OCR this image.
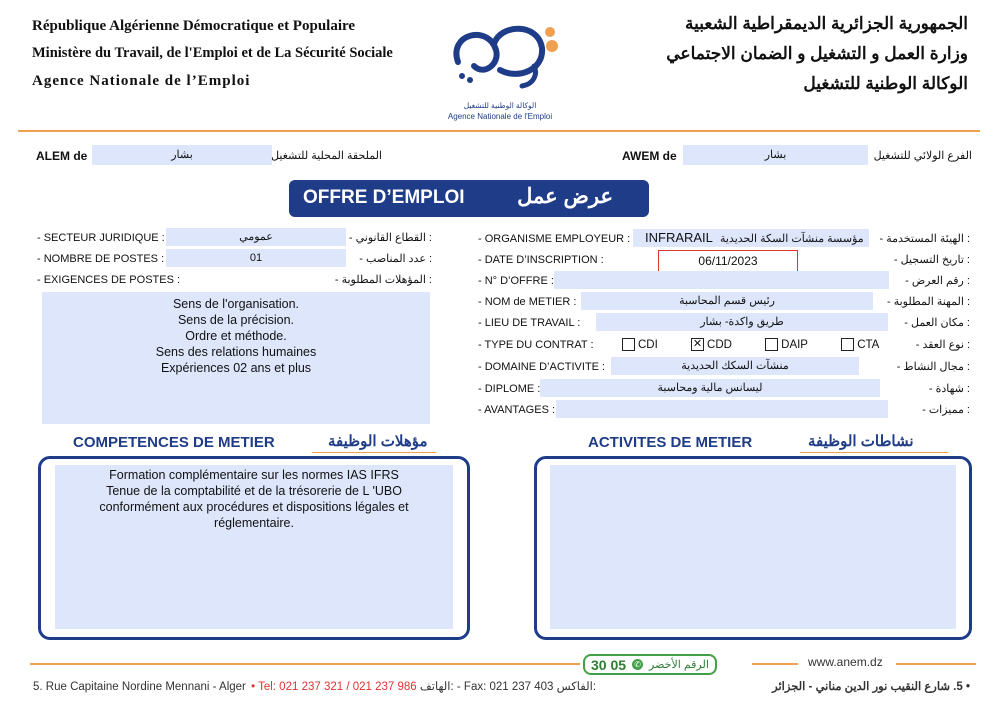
République Algérienne Démocratique et Populaire
Ministère du Travail, de l'Emploi et de La Sécurité Sociale
Agence Nationale de l’Emploi
الوكالة الوطنية للتشغيل
Agence Nationale de l'Emploi
الجمهورية الجزائرية الديمقراطية الشعبية
وزارة العمل و التشغيل و الضمان الاجتماعي
الوكالة الوطنية للتشغيل
ALEM de	بشار	الملحقة المحلية للتشغيل	AWEM de	بشار	الفرع الولائي للتشغيل
OFFRE D’EMPLOI	عرض عمل
- SECTEUR JURIDIQUE :	عمومي	: القطاع القانوني -
- NOMBRE DE POSTES :	01	: عدد المناصب -
- EXIGENCES DE POSTES :	: المؤهلات المطلوبة -
Sens de l'organisation.
Sens de la précision.
Ordre et méthode.
Sens des relations humaines
Expériences 02 ans et plus
- ORGANISME EMPLOYEUR :	INFRARAIL مؤسسة منشآت السكة الحديدية	: الهيئة المستخدمة -
- DATE D’INSCRIPTION :	06/11/2023	: تاريخ التسجيل -
- N° D’OFFRE :	: رقم العرض -
- NOM de METIER :	رئيس قسم المحاسبة	: المهنة المطلوبة -
- LIEU DE TRAVAIL :	طريق واكدة- بشار	: مكان العمل -
- TYPE DU CONTRAT :	CDI	✕ CDD	DAIP	CTA	: نوع العقد -
- DOMAINE D’ACTIVITE :	منشآت السكك الحديدية	: مجال النشاط -
- DIPLOME :	ليسانس مالية ومحاسبة	: شهادة -
- AVANTAGES :	: مميزات -
COMPETENCES DE METIER	مؤهلات الوظيفة	ACTIVITES DE METIER	نشاطات الوظيفة
Formation complémentaire sur les normes IAS IFRS
Tenue de la comptabilité et de la trésorerie de L 'UBO
conformément aux procédures et dispositions légales et
réglementaire.
30 05 ✆ الرقم الأخضر	www.anem.dz
5. Rue Capitaine Nordine Mennani - Alger • Tel: 021 237 321 / 021 237 986 الهاتف: - Fax: 021 237 403 الفاكس:	• 5. شارع النقيب نور الدين مناني - الجزائر
